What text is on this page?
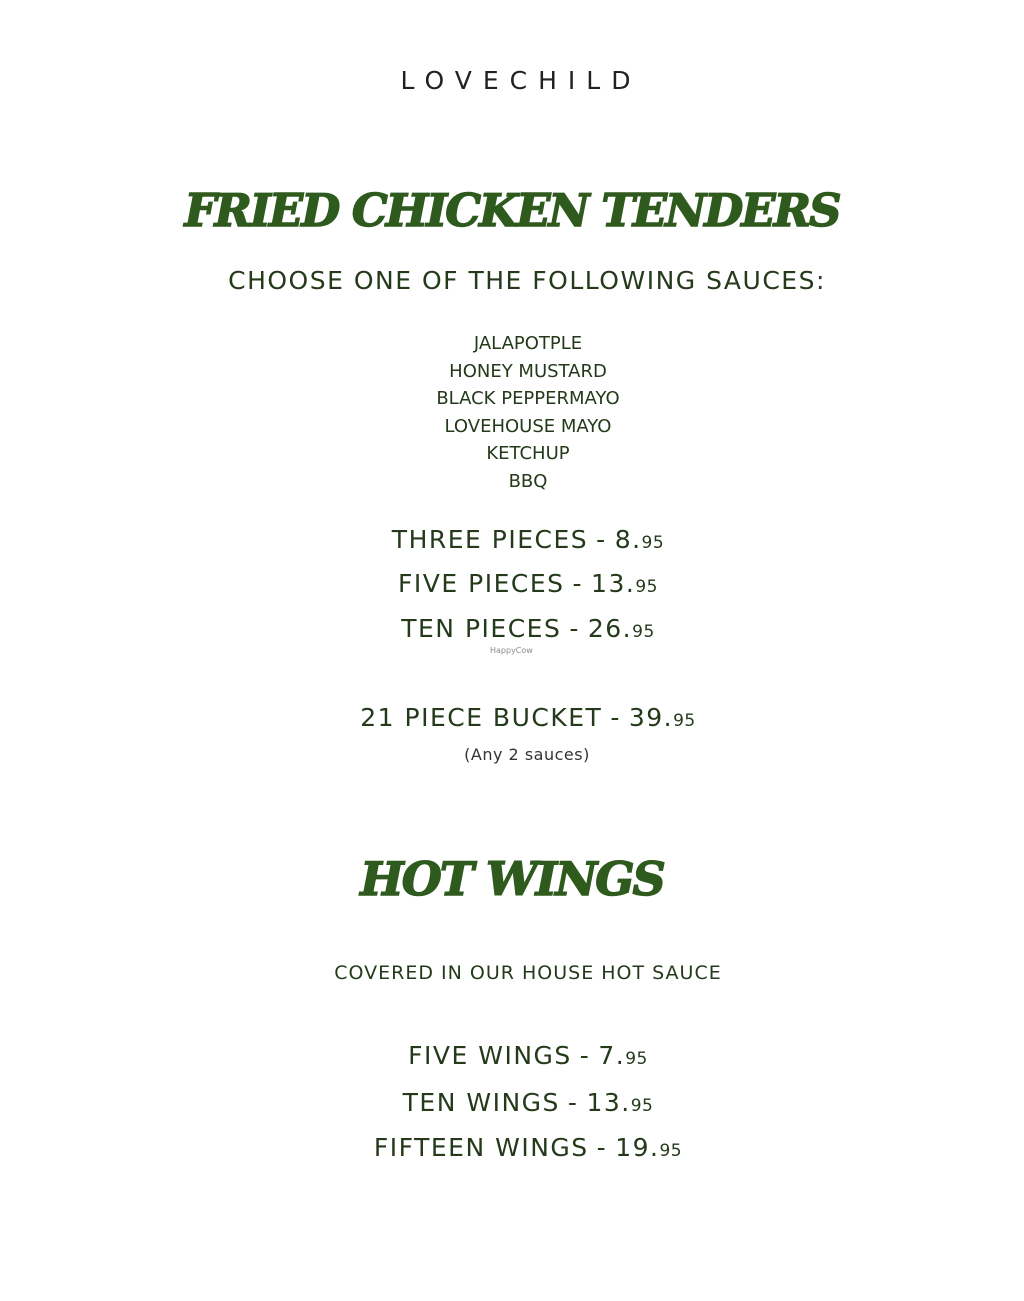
LOVECHILD
FRIED CHICKEN TENDERS
CHOOSE ONE OF THE FOLLOWING SAUCES:
JALAPOTPLE
HONEY MUSTARD
BLACK PEPPERMAYO
LOVEHOUSE MAYO
KETCHUP
BBQ
THREE PIECES - 8.95
FIVE PIECES - 13.95
TEN PIECES - 26.95
HappyCow
21 PIECE BUCKET - 39.95
(Any 2 sauces)
HOT WINGS
COVERED IN OUR HOUSE HOT SAUCE
FIVE WINGS - 7.95
TEN WINGS - 13.95
FIFTEEN WINGS - 19.95
